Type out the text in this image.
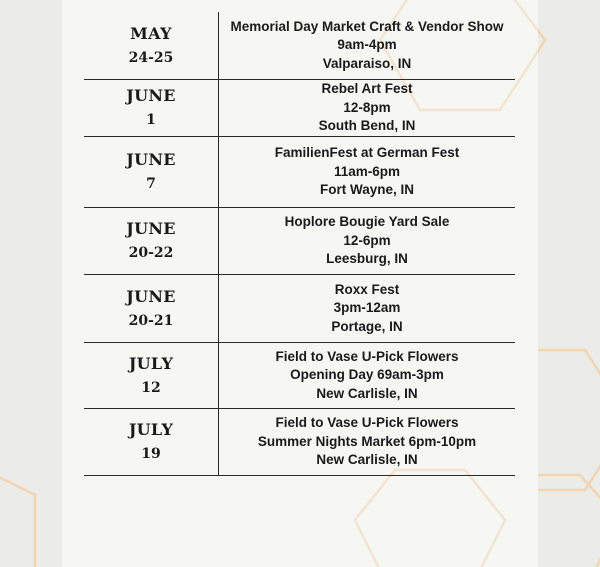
MAY
24-25
Memorial Day Market Craft & Vendor Show
9am-4pm
Valparaiso, IN
JUNE
1
Rebel Art Fest
12-8pm
South Bend, IN
JUNE
7
FamilienFest at German Fest
11am-6pm
Fort Wayne, IN
JUNE
20-22
Hoplore Bougie Yard Sale
12-6pm
Leesburg, IN
JUNE
20-21
Roxx Fest
3pm-12am
Portage, IN
JULY
12
Field to Vase U-Pick Flowers
Opening Day 69am-3pm
New Carlisle, IN
JULY
19
Field to Vase U-Pick Flowers
Summer Nights Market 6pm-10pm
New Carlisle, IN
